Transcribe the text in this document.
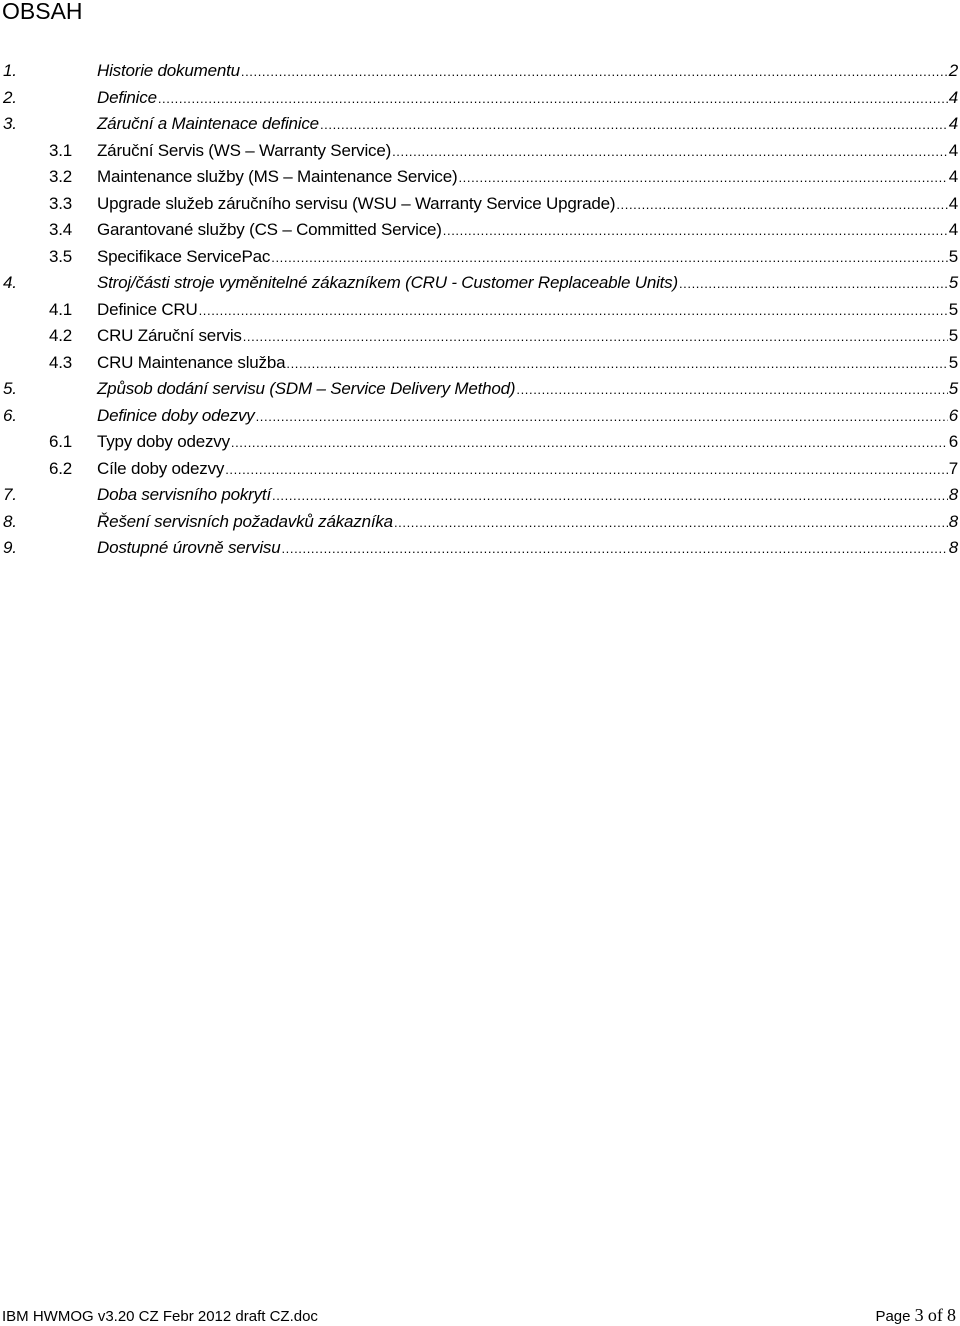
OBSAH
1.	Historie dokumentu .....	2
2.	Definice .....	4
3.	Záruční a Maintenace definice .....	4
3.1 Záruční Servis (WS – Warranty Service) .....	4
3.2 Maintenance služby (MS – Maintenance Service) .....	4
3.3 Upgrade služeb záručního servisu (WSU – Warranty Service Upgrade) .....	4
3.4 Garantované služby (CS – Committed Service) .....	4
3.5 Specifikace ServicePac .....	5
4.	Stroj/části stroje vyměnitelné zákazníkem (CRU - Customer Replaceable Units) .....	5
4.1 Definice CRU .....	5
4.2 CRU Záruční servis .....	5
4.3 CRU Maintenance služba .....	5
5.	Způsob dodání servisu (SDM – Service Delivery Method) .....	5
6.	Definice doby odezvy .....	6
6.1 Typy doby odezvy .....	6
6.2 Cíle doby odezvy .....	7
7.	Doba servisního pokrytí .....	8
8.	Řešení servisních požadavků zákazníka .....	8
9.	Dostupné úrovně servisu .....	8
IBM HWMOG v3.20 CZ Febr 2012 draft CZ.doc	Page 3 of 8
